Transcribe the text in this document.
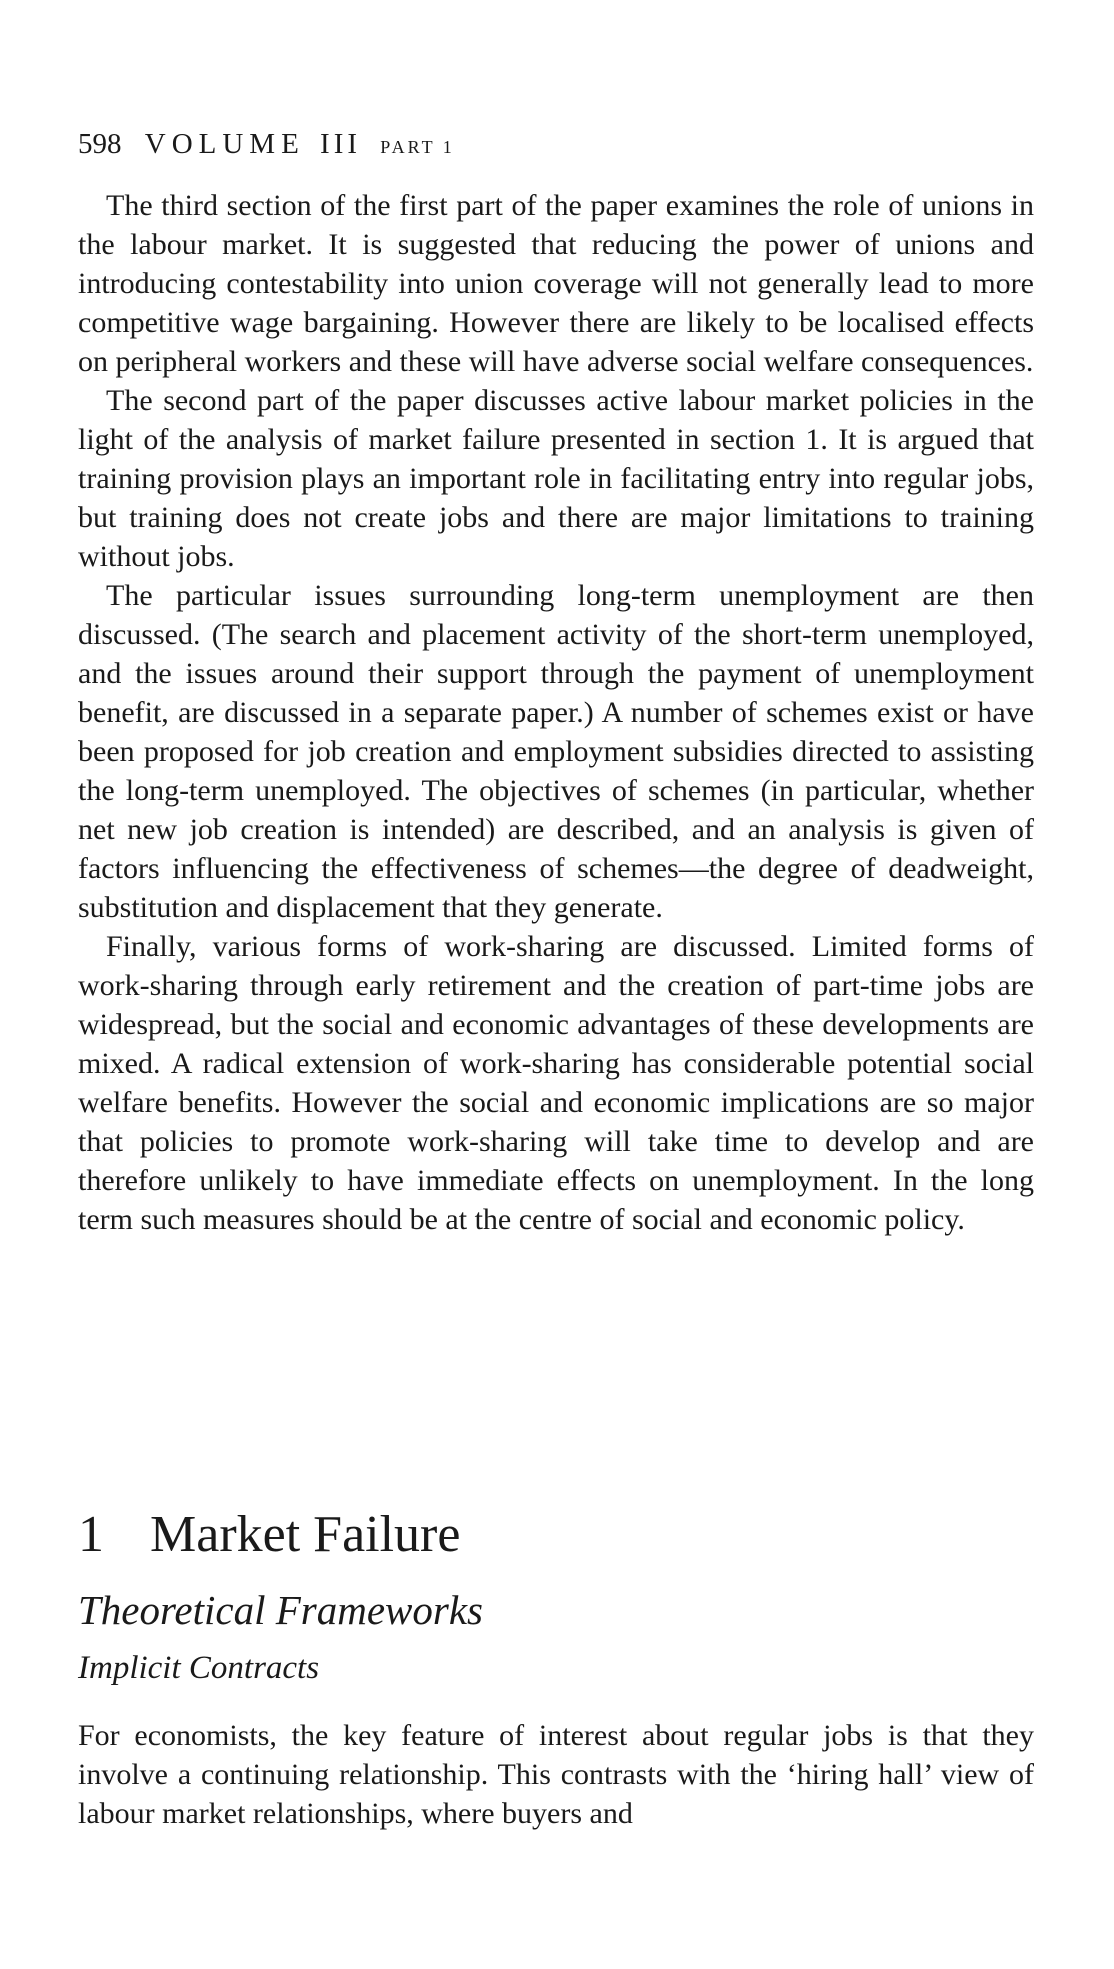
598 VOLUME III PART 1

The third section of the first part of the paper examines the role of unions in the labour market. It is suggested that reducing the power of unions and introducing contestability into union coverage will not generally lead to more competitive wage bargaining. However there are likely to be localised effects on peripheral workers and these will have adverse social welfare consequences.

The second part of the paper discusses active labour market policies in the light of the analysis of market failure presented in section 1. It is argued that training provision plays an important role in facilitating entry into regular jobs, but training does not create jobs and there are major limitations to training without jobs.

The particular issues surrounding long-term unemployment are then discussed. (The search and placement activity of the short-term unemployed, and the issues around their support through the payment of unemployment benefit, are discussed in a separate paper.) A number of schemes exist or have been proposed for job creation and employment subsidies directed to assisting the long-term unemployed. The objectives of schemes (in particular, whether net new job creation is intended) are described, and an analysis is given of factors influencing the effectiveness of schemes—the degree of deadweight, substitution and displacement that they generate.

Finally, various forms of work-sharing are discussed. Limited forms of work-sharing through early retirement and the creation of part-time jobs are widespread, but the social and economic advantages of these developments are mixed. A radical extension of work-sharing has considerable potential social welfare benefits. However the social and economic implications are so major that policies to promote work-sharing will take time to develop and are therefore unlikely to have immediate effects on unemployment. In the long term such measures should be at the centre of social and economic policy.

1 Market Failure
Theoretical Frameworks
Implicit Contracts

For economists, the key feature of interest about regular jobs is that they involve a continuing relationship. This contrasts with the ‘hiring hall’ view of labour market relationships, where buyers and
